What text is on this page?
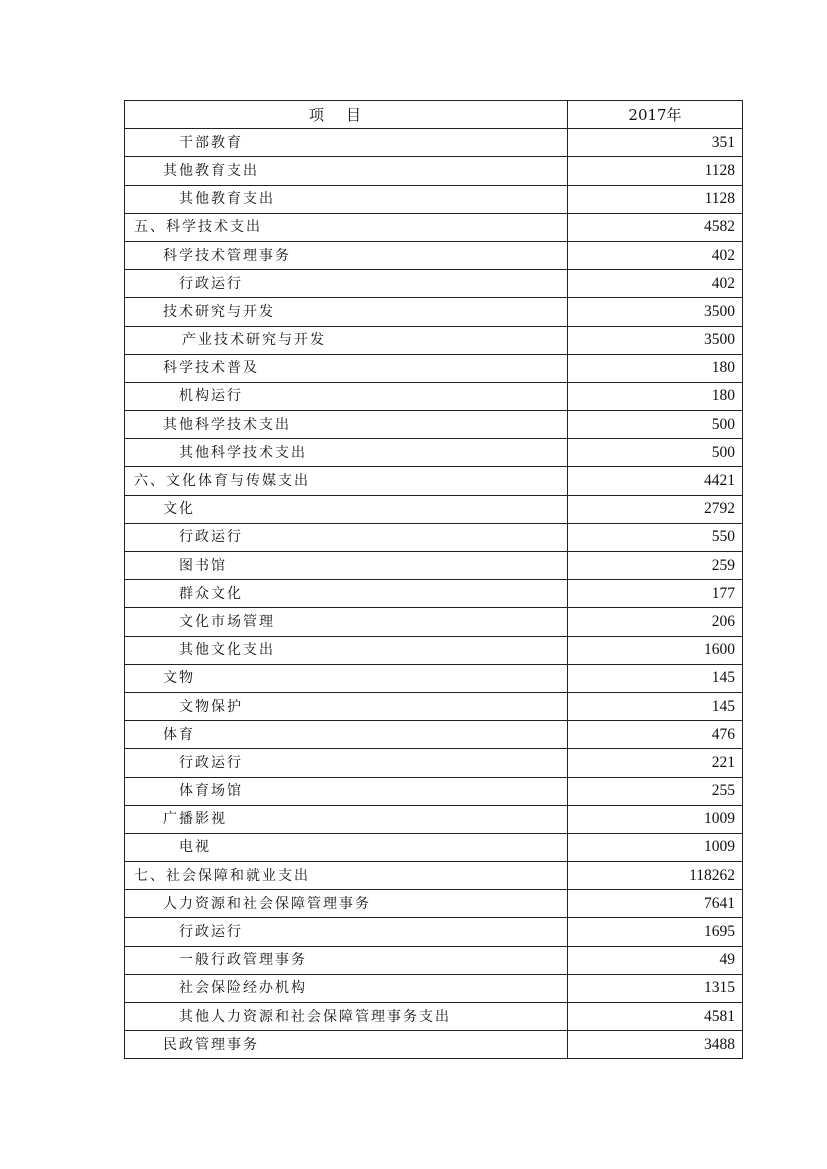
项目	2017年
干部教育	351
其他教育支出	1128
其他教育支出	1128
五、科学技术支出	4582
科学技术管理事务	402
行政运行	402
技术研究与开发	3500
产业技术研究与开发	3500
科学技术普及	180
机构运行	180
其他科学技术支出	500
其他科学技术支出	500
六、文化体育与传媒支出	4421
文化	2792
行政运行	550
图书馆	259
群众文化	177
文化市场管理	206
其他文化支出	1600
文物	145
文物保护	145
体育	476
行政运行	221
体育场馆	255
广播影视	1009
电视	1009
七、社会保障和就业支出	118262
人力资源和社会保障管理事务	7641
行政运行	1695
一般行政管理事务	49
社会保险经办机构	1315
其他人力资源和社会保障管理事务支出	4581
民政管理事务	3488
